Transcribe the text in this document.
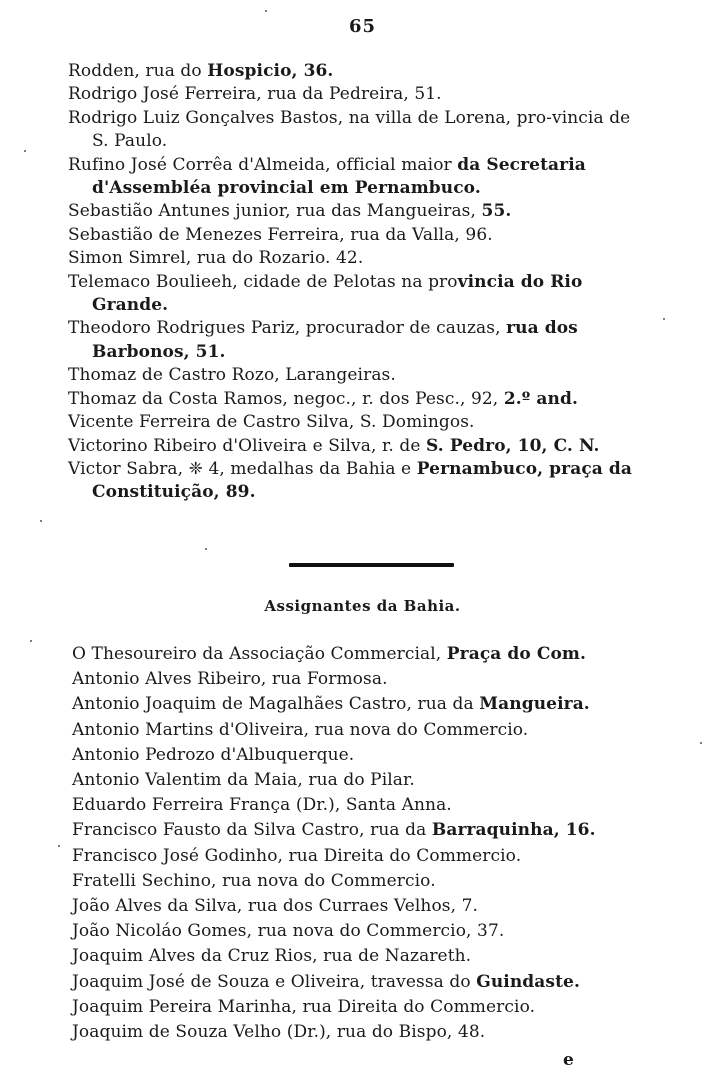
65
Rodden, rua do Hospicio, 36.
Rodrigo José Ferreira, rua da Pedreira, 51.
Rodrigo Luiz Gonçalves Bastos, na villa de Lorena, pro-vincia de S. Paulo.
Rufino José Corrêa d'Almeida, official maior da Secretaria d'Assembléa provincial em Pernambuco.
Sebastião Antunes junior, rua das Mangueiras, 55.
Sebastião de Menezes Ferreira, rua da Valla, 96.
Simon Simrel, rua do Rozario. 42.
Telemaco Boulieeh, cidade de Pelotas na provincia do Rio Grande.
Theodoro Rodrigues Pariz, procurador de cauzas, rua dos Barbonos, 51.
Thomaz de Castro Rozo, Larangeiras.
Thomaz da Costa Ramos, negoc., r. dos Pesc., 92, 2.º and.
Vicente Ferreira de Castro Silva, S. Domingos.
Victorino Ribeiro d'Oliveira e Silva, r. de S. Pedro, 10, C. N.
Victor Sabra, ❈ 4, medalhas da Bahia e Pernambuco, praça da Constituição, 89.
Assignantes da Bahia.
O Thesoureiro da Associação Commercial, Praça do Com.
Antonio Alves Ribeiro, rua Formosa.
Antonio Joaquim de Magalhães Castro, rua da Mangueira.
Antonio Martins d'Oliveira, rua nova do Commercio.
Antonio Pedrozo d'Albuquerque.
Antonio Valentim da Maia, rua do Pilar.
Eduardo Ferreira França (Dr.), Santa Anna.
Francisco Fausto da Silva Castro, rua da Barraquinha, 16.
Francisco José Godinho, rua Direita do Commercio.
Fratelli Sechino, rua nova do Commercio.
João Alves da Silva, rua dos Curraes Velhos, 7.
João Nicoláo Gomes, rua nova do Commercio, 37.
Joaquim Alves da Cruz Rios, rua de Nazareth.
Joaquim José de Souza e Oliveira, travessa do Guindaste.
Joaquim Pereira Marinha, rua Direita do Commercio.
Joaquim de Souza Velho (Dr.), rua do Bispo, 48.
e
